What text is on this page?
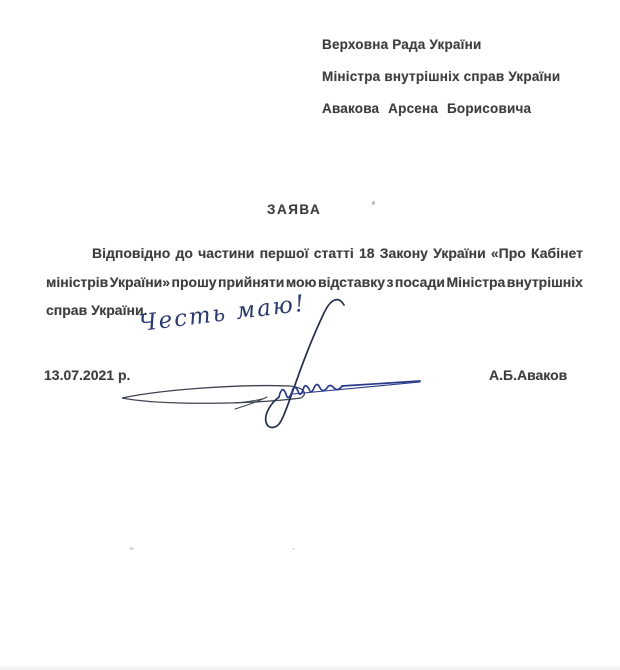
Верховна Рада України
Міністра внутрішніх справ України
Авакова Арсена Борисовича
ЗАЯВА
Відповідно до частини першої статті 18 Закону України «Про Кабінет
міністрів України» прошу прийняти мою відставку з посади Міністра внутрішніх
справ України.
Честь маю!
13.07.2021 р.	А.Б.Аваков
